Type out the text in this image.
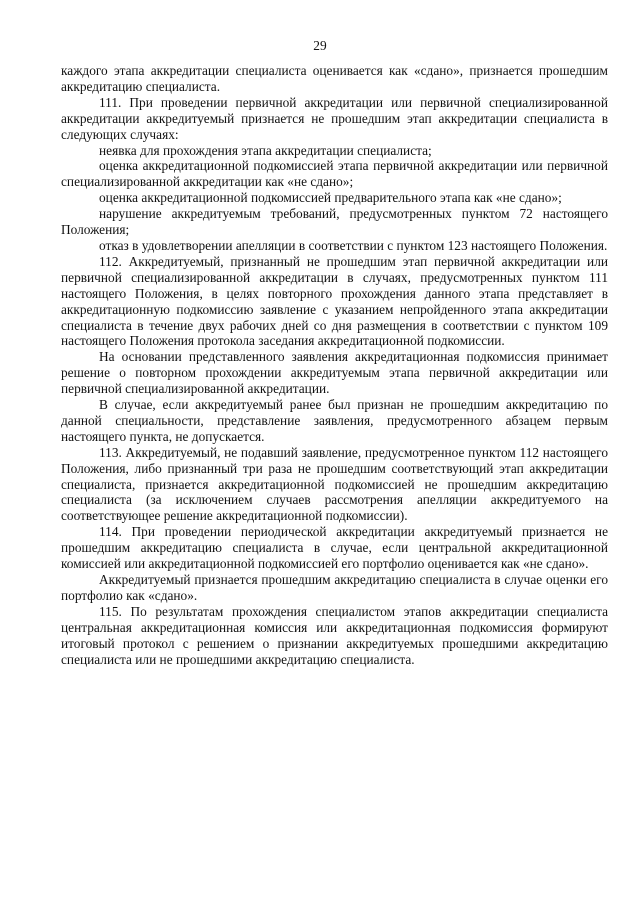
29

каждого этапа аккредитации специалиста оценивается как «сдано», признается прошедшим аккредитацию специалиста.

111. При проведении первичной аккредитации или первичной специализированной аккредитации аккредитуемый признается не прошедшим этап аккредитации специалиста в следующих случаях:

неявка для прохождения этапа аккредитации специалиста;

оценка аккредитационной подкомиссией этапа первичной аккредитации или первичной специализированной аккредитации как «не сдано»;

оценка аккредитационной подкомиссией предварительного этапа как «не сдано»;

нарушение аккредитуемым требований, предусмотренных пунктом 72 настоящего Положения;

отказ в удовлетворении апелляции в соответствии с пунктом 123 настоящего Положения.

112. Аккредитуемый, признанный не прошедшим этап первичной аккредитации или первичной специализированной аккредитации в случаях, предусмотренных пунктом 111 настоящего Положения, в целях повторного прохождения данного этапа представляет в аккредитационную подкомиссию заявление с указанием непройденного этапа аккредитации специалиста в течение двух рабочих дней со дня размещения в соответствии с пунктом 109 настоящего Положения протокола заседания аккредитационной подкомиссии.

На основании представленного заявления аккредитационная подкомиссия принимает решение о повторном прохождении аккредитуемым этапа первичной аккредитации или первичной специализированной аккредитации.

В случае, если аккредитуемый ранее был признан не прошедшим аккредитацию по данной специальности, представление заявления, предусмотренного абзацем первым настоящего пункта, не допускается.

113. Аккредитуемый, не подавший заявление, предусмотренное пунктом 112 настоящего Положения, либо признанный три раза не прошедшим соответствующий этап аккредитации специалиста, признается аккредитационной подкомиссией не прошедшим аккредитацию специалиста (за исключением случаев рассмотрения апелляции аккредитуемого на соответствующее решение аккредитационной подкомиссии).

114. При проведении периодической аккредитации аккредитуемый признается не прошедшим аккредитацию специалиста в случае, если центральной аккредитационной комиссией или аккредитационной подкомиссией его портфолио оценивается как «не сдано».

Аккредитуемый признается прошедшим аккредитацию специалиста в случае оценки его портфолио как «сдано».

115. По результатам прохождения специалистом этапов аккредитации специалиста центральная аккредитационная комиссия или аккредитационная подкомиссия формируют итоговый протокол с решением о признании аккредитуемых прошедшими аккредитацию специалиста или не прошедшими аккредитацию специалиста.
